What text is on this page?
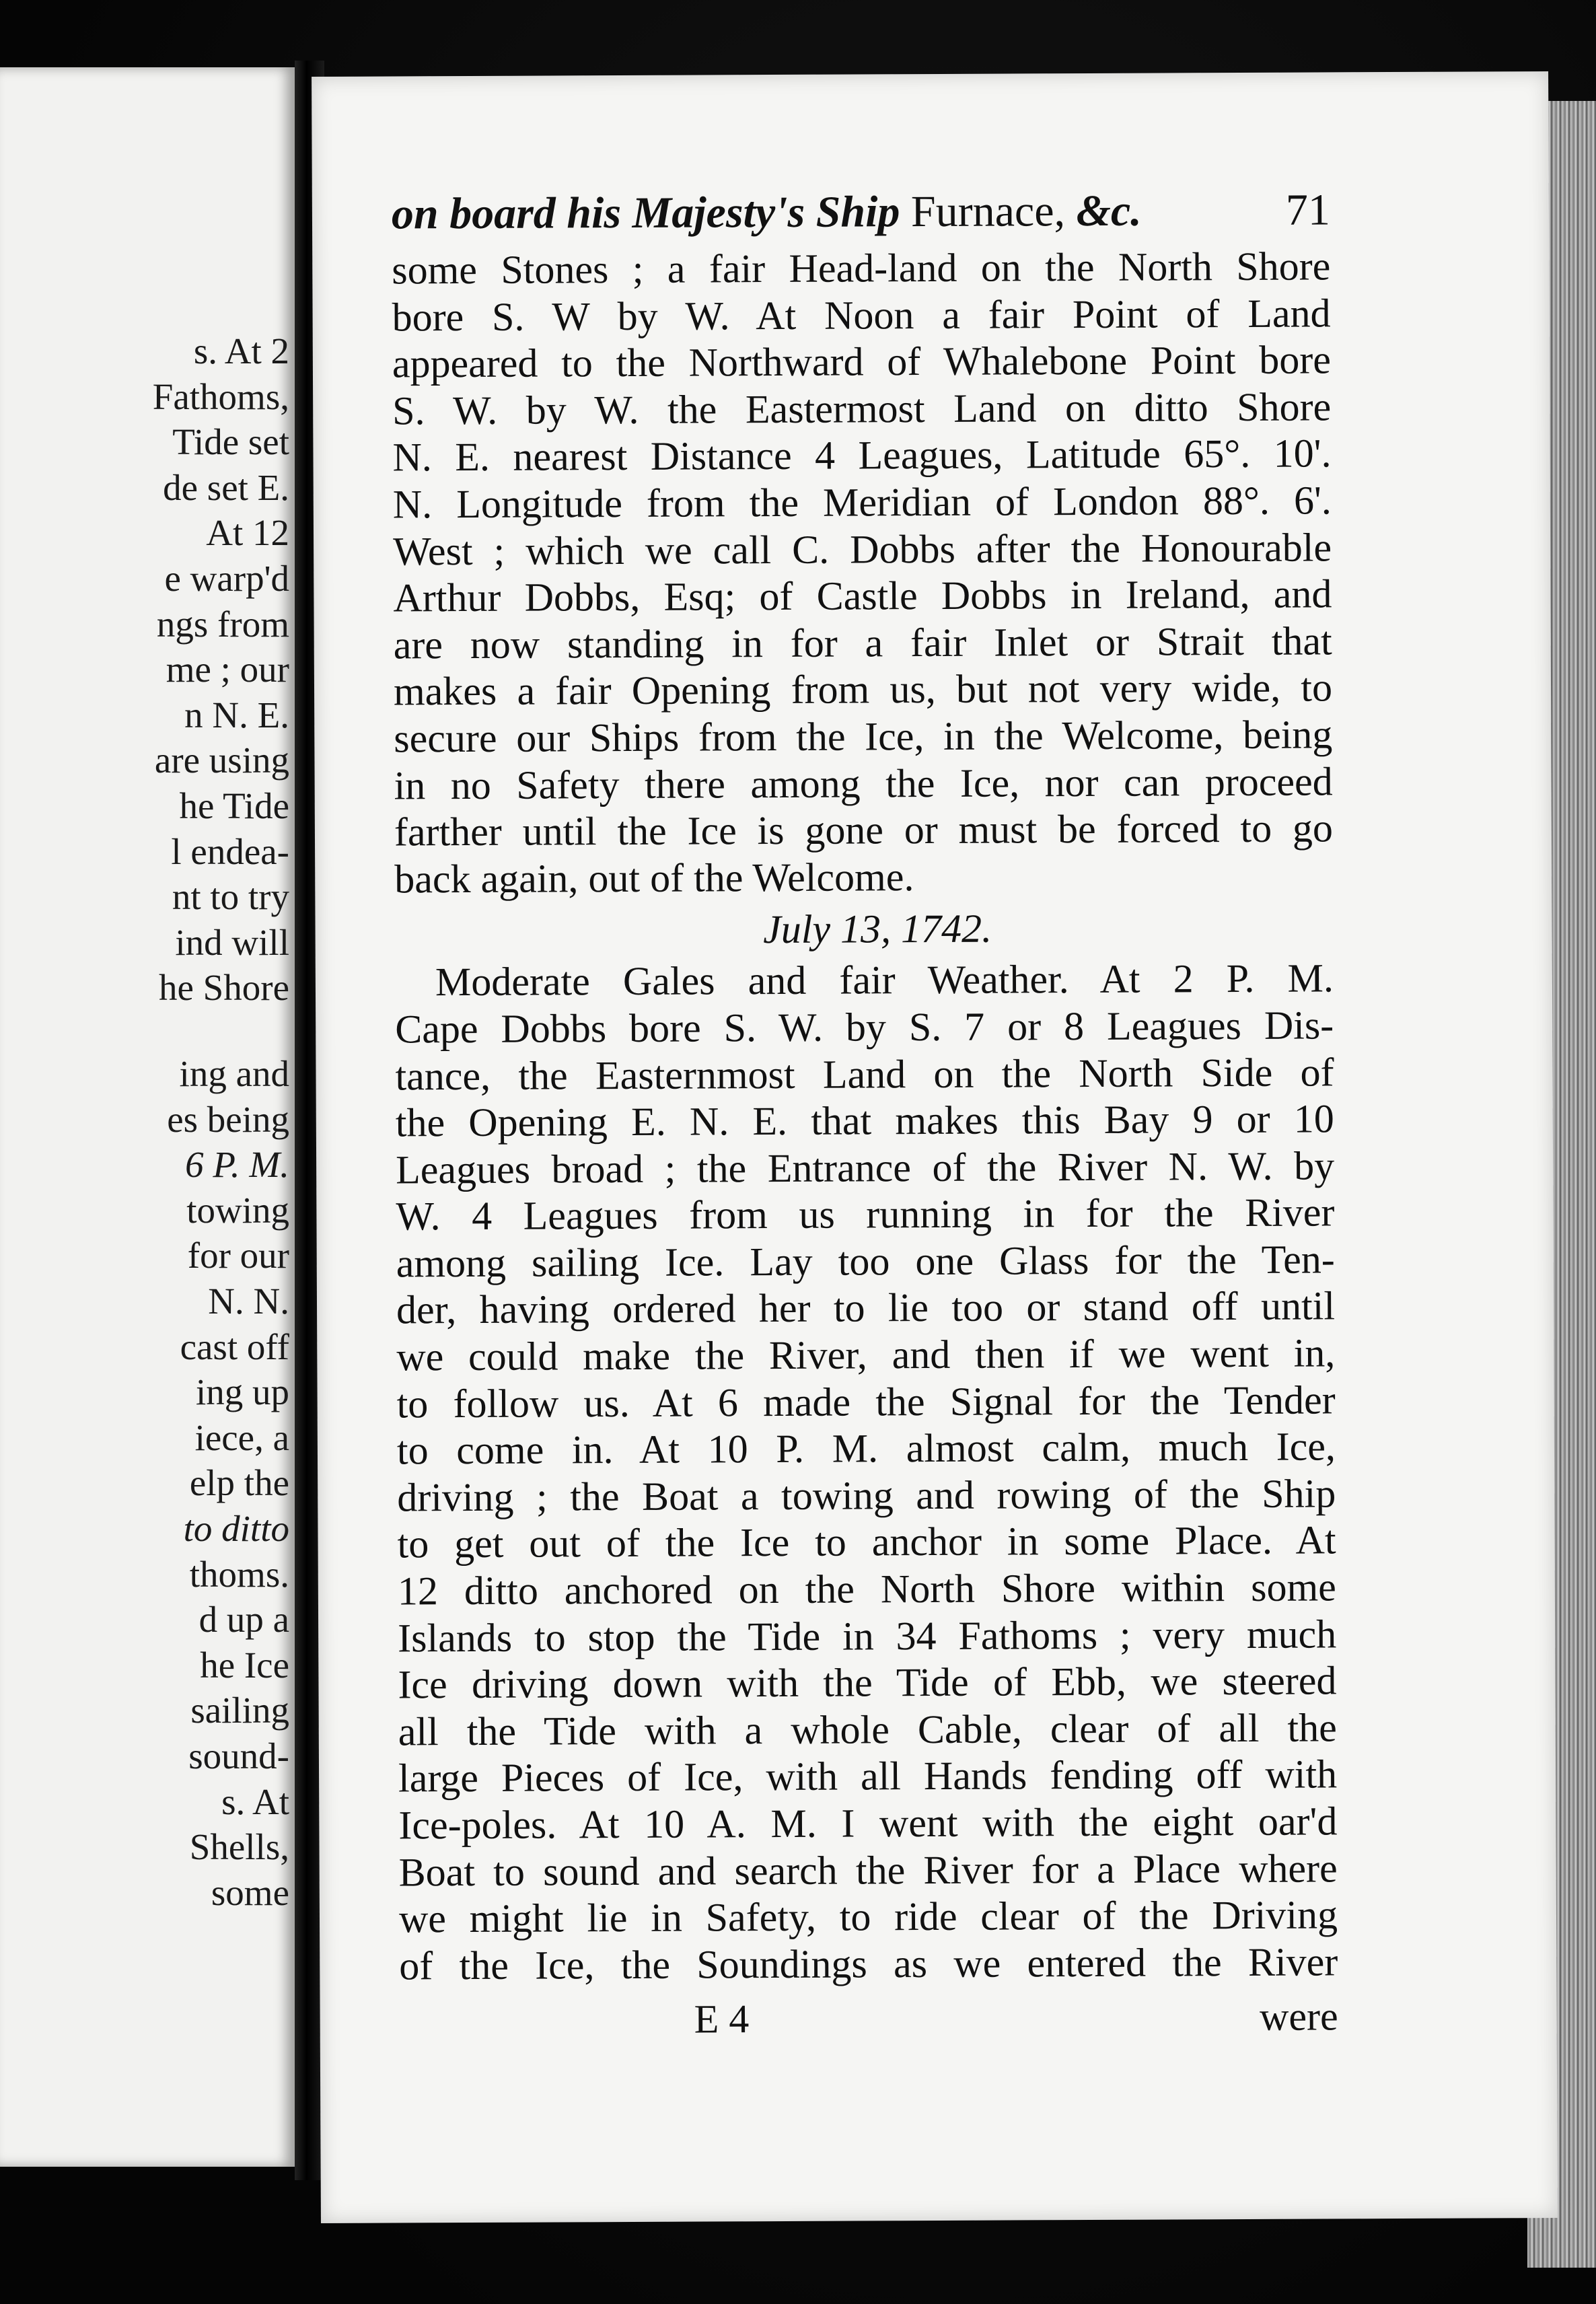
s. At 2
Fathoms,
Tide set
de set E.
At 12
e warp'd
ngs from
me ; our
n N. E.
are using
he Tide
l endea-
nt to try
ind will
he Shore
ing and
es being
6 P. M.
towing
for our
N. N.
cast off
ing up
iece, a
elp the
to ditto
thoms.
d up a
he Ice
sailing
sound-
s. At
Shells,
some
on board his Majesty's Ship Furnace, &c.	71
some Stones ; a fair Head-land on the North Shore
bore S. W by W. At Noon a fair Point of Land
appeared to the Northward of Whalebone Point bore
S. W. by W. the Eastermost Land on ditto Shore
N. E. nearest Distance 4 Leagues, Latitude 65°. 10'.
N. Longitude from the Meridian of London 88°. 6'.
West ; which we call C. Dobbs after the Honourable
Arthur Dobbs, Esq; of Castle Dobbs in Ireland, and
are now standing in for a fair Inlet or Strait that
makes a fair Opening from us, but not very wide, to
secure our Ships from the Ice, in the Welcome, being
in no Safety there among the Ice, nor can proceed
farther until the Ice is gone or must be forced to go
back again, out of the Welcome.
July 13, 1742.
Moderate Gales and fair Weather. At 2 P. M.
Cape Dobbs bore S. W. by S. 7 or 8 Leagues Dis-
tance, the Easternmost Land on the North Side of
the Opening E. N. E. that makes this Bay 9 or 10
Leagues broad ; the Entrance of the River N. W. by
W. 4 Leagues from us running in for the River
among sailing Ice. Lay too one Glass for the Ten-
der, having ordered her to lie too or stand off until
we could make the River, and then if we went in,
to follow us. At 6 made the Signal for the Tender
to come in. At 10 P. M. almost calm, much Ice,
driving ; the Boat a towing and rowing of the Ship
to get out of the Ice to anchor in some Place. At
12 ditto anchored on the North Shore within some
Islands to stop the Tide in 34 Fathoms ; very much
Ice driving down with the Tide of Ebb, we steered
all the Tide with a whole Cable, clear of all the
large Pieces of Ice, with all Hands fending off with
Ice-poles. At 10 A. M. I went with the eight oar'd
Boat to sound and search the River for a Place where
we might lie in Safety, to ride clear of the Driving
of the Ice, the Soundings as we entered the River
E 4	were
